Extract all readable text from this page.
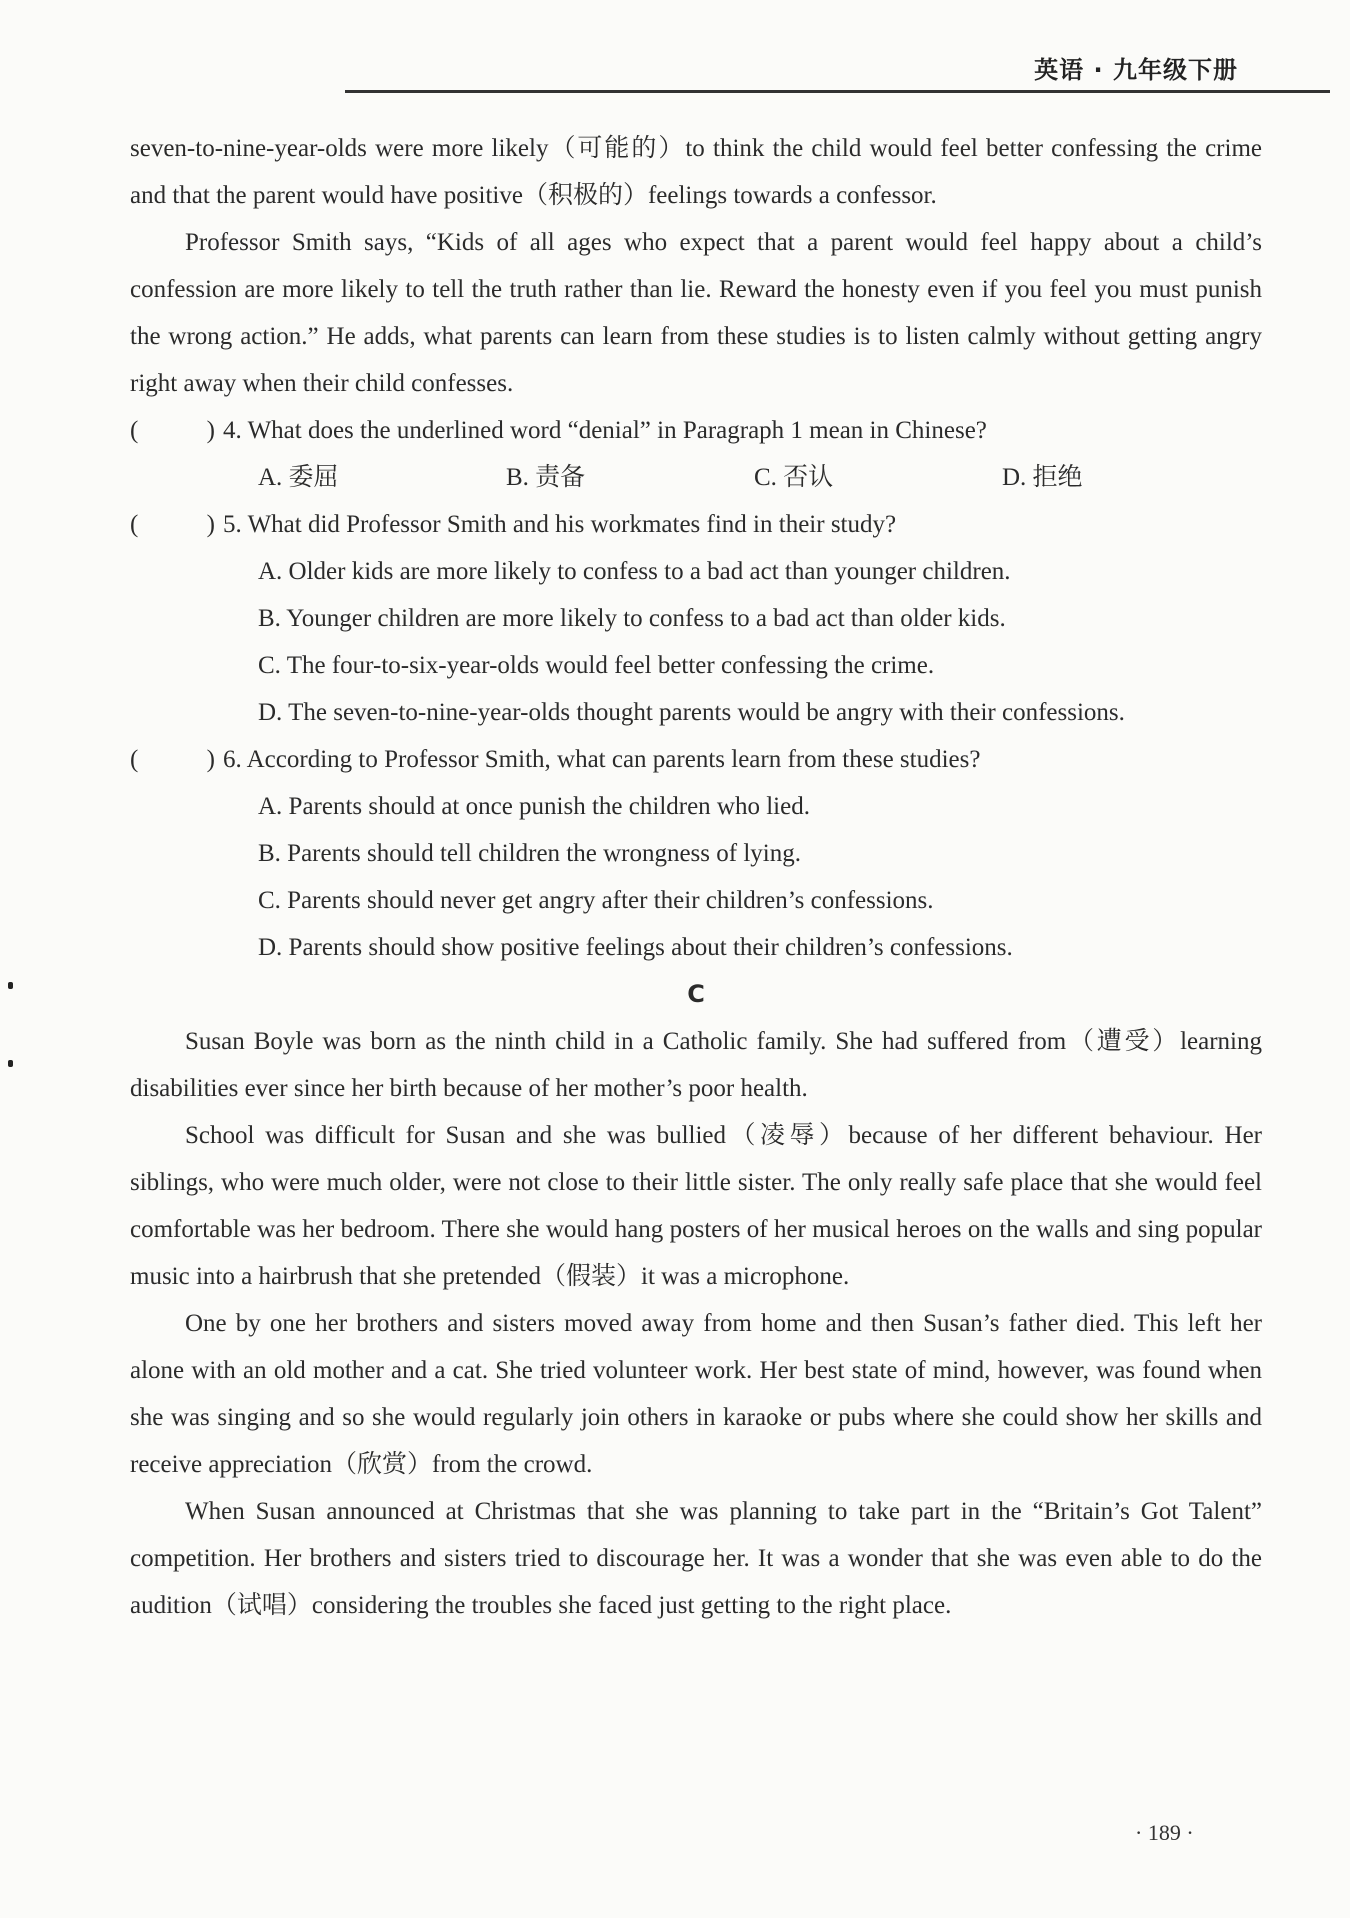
英语 · 九年级下册

seven-to-nine-year-olds were more likely（可能的）to think the child would feel better confessing the crime and that the parent would have positive（积极的）feelings towards a confessor.

Professor Smith says, “Kids of all ages who expect that a parent would feel happy about a child’s confession are more likely to tell the truth rather than lie. Reward the honesty even if you feel you must punish the wrong action.” He adds, what parents can learn from these studies is to listen calmly without getting angry right away when their child confesses.

(	) 4. What does the underlined word “denial” in Paragraph 1 mean in Chinese?
A. 委屈	B. 责备	C. 否认	D. 拒绝
(	) 5. What did Professor Smith and his workmates find in their study?
A. Older kids are more likely to confess to a bad act than younger children.
B. Younger children are more likely to confess to a bad act than older kids.
C. The four-to-six-year-olds would feel better confessing the crime.
D. The seven-to-nine-year-olds thought parents would be angry with their confessions.
(	) 6. According to Professor Smith, what can parents learn from these studies?
A. Parents should at once punish the children who lied.
B. Parents should tell children the wrongness of lying.
C. Parents should never get angry after their children’s confessions.
D. Parents should show positive feelings about their children’s confessions.
C

Susan Boyle was born as the ninth child in a Catholic family. She had suffered from（遭受）learning disabilities ever since her birth because of her mother’s poor health.

School was difficult for Susan and she was bullied（凌辱）because of her different behaviour. Her siblings, who were much older, were not close to their little sister. The only really safe place that she would feel comfortable was her bedroom. There she would hang posters of her musical heroes on the walls and sing popular music into a hairbrush that she pretended（假装）it was a microphone.

One by one her brothers and sisters moved away from home and then Susan’s father died. This left her alone with an old mother and a cat. She tried volunteer work. Her best state of mind, however, was found when she was singing and so she would regularly join others in karaoke or pubs where she could show her skills and receive appreciation（欣赏）from the crowd.

When Susan announced at Christmas that she was planning to take part in the “Britain’s Got Talent” competition. Her brothers and sisters tried to discourage her. It was a wonder that she was even able to do the audition（试唱）considering the troubles she faced just getting to the right place.

· 189 ·
